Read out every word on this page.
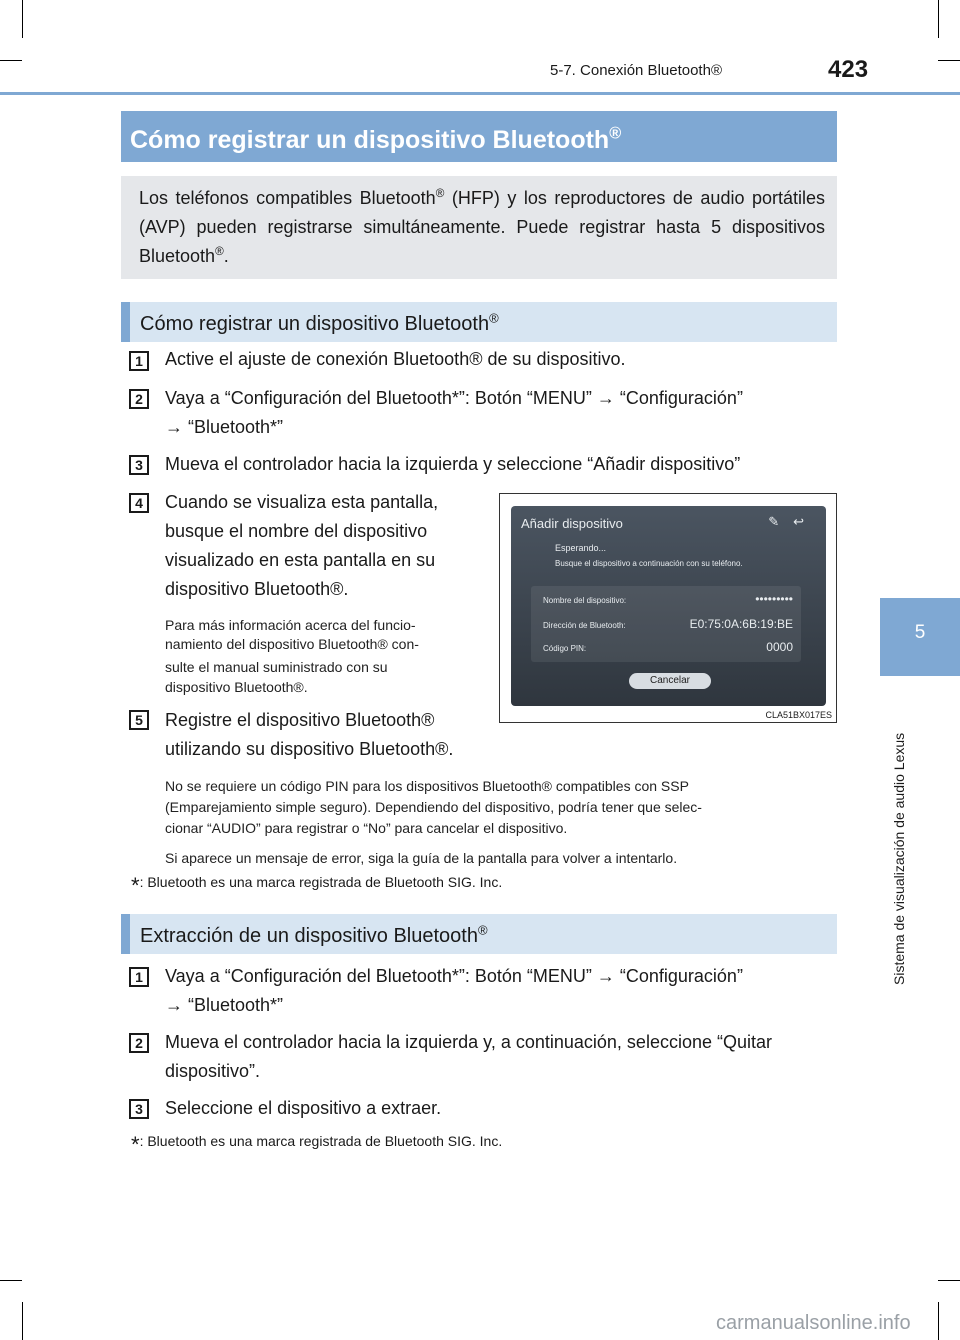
5-7. Conexión Bluetooth®	423
5
Sistema de visualización de audio Lexus
Cómo registrar un dispositivo Bluetooth®
Los teléfonos compatibles Bluetooth® (HFP) y los reproductores de audio portátiles (AVP) pueden registrarse simultáneamente. Puede registrar hasta 5 dispositivos Bluetooth®.
Cómo registrar un dispositivo Bluetooth®
1	Active el ajuste de conexión Bluetooth® de su dispositivo.
2	Vaya a “Configuración del Bluetooth*”: Botón “MENU” → “Configuración”
→ “Bluetooth*”
3	Mueva el controlador hacia la izquierda y seleccione “Añadir dispositivo”
4	Cuando se visualiza esta pantalla,
busque el nombre del dispositivo
visualizado en esta pantalla en su
dispositivo Bluetooth®.
Para más información acerca del funcio-
namiento del dispositivo Bluetooth® con-
sulte el manual suministrado con su
dispositivo Bluetooth®.
5	Registre el dispositivo Bluetooth®
utilizando su dispositivo Bluetooth®.
No se requiere un código PIN para los dispositivos Bluetooth® compatibles con SSP
(Emparejamiento simple seguro). Dependiendo del dispositivo, podría tener que selec-
cionar “AUDIO” para registrar o “No” para cancelar el dispositivo.
Si aparece un mensaje de error, siga la guía de la pantalla para volver a intentarlo.
*: Bluetooth es una marca registrada de Bluetooth SIG. Inc.
Añadir dispositivo	✎↩
Esperando...
Busque el dispositivo a continuación con su teléfono.
Nombre del dispositivo:	•••••••••
Dirección de Bluetooth:	E0:75:0A:6B:19:BE
Código PIN:	0000
Cancelar
CLA51BX017ES
Extracción de un dispositivo Bluetooth®
1	Vaya a “Configuración del Bluetooth*”: Botón “MENU” → “Configuración”
→ “Bluetooth*”
2	Mueva el controlador hacia la izquierda y, a continuación, seleccione “Quitar
dispositivo”.
3	Seleccione el dispositivo a extraer.
*: Bluetooth es una marca registrada de Bluetooth SIG. Inc.
carmanualsonline.info
